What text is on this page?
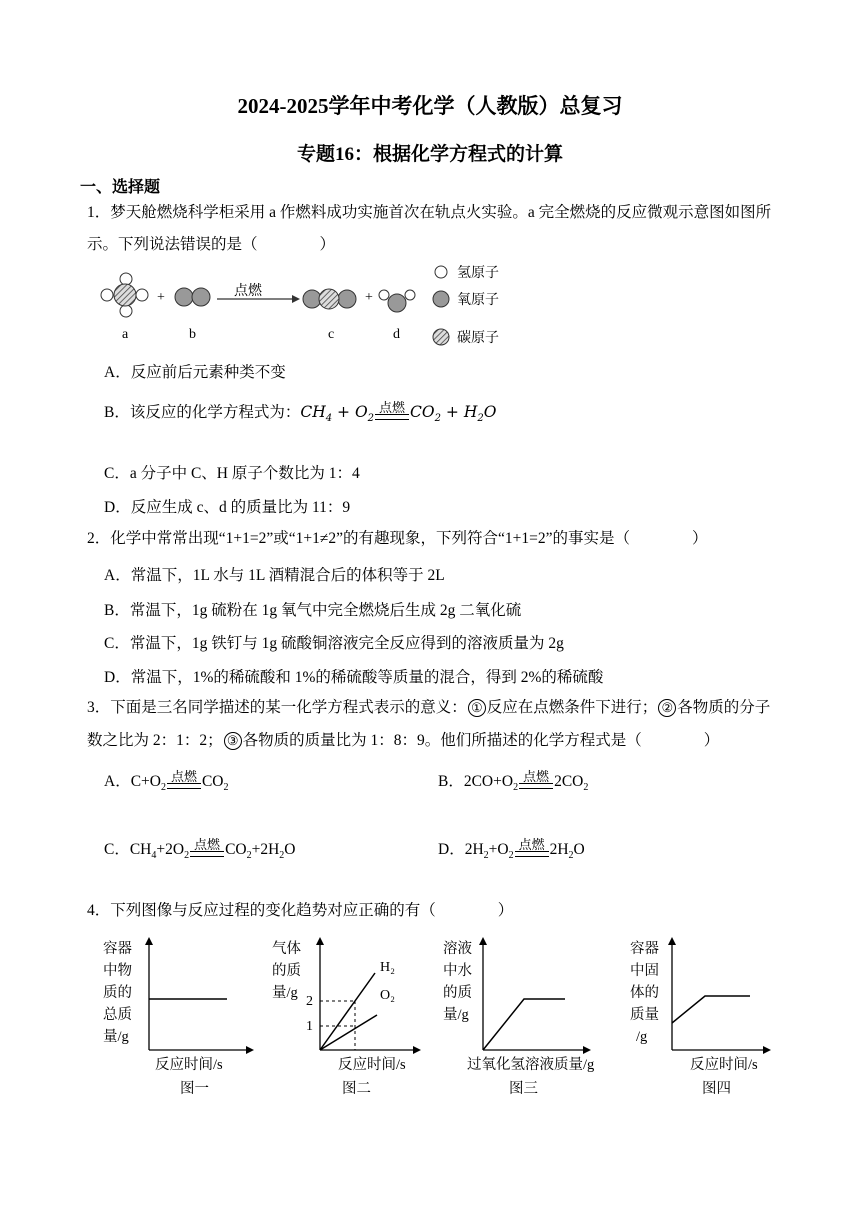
2024-2025学年中考化学（人教版）总复习
专题16：根据化学方程式的计算
一、选择题
1．梦天舱燃烧科学柜采用 a 作燃料成功实施首次在轨点火实验。a 完全燃烧的反应微观示意图如图所
示。下列说法错误的是（　　　　）
a
+
b
点燃
c
+
d
氢原子
氧原子
碳原子
A．反应前后元素种类不变
B．该反应的化学方程式为：$CH_4 + O_2$
点燃 $CO_2 + H_2O$
C．a 分子中 C、H 原子个数比为 1：4
D．反应生成 c、d 的质量比为 11：9
2．化学中常常出现“1+1=2”或“1+1≠2”的有趣现象，下列符合“1+1=2”的事实是（　　　　）
A．常温下，1L 水与 1L 酒精混合后的体积等于 2L
B．常温下，1g 硫粉在 1g 氧气中完全燃烧后生成 2g 二氧化硫
C．常温下，1g 铁钉与 1g 硫酸铜溶液完全反应得到的溶液质量为 2g
D．常温下，1%的稀硫酸和 1%的稀硫酸等质量的混合，得到 2%的稀硫酸
3．下面是三名同学描述的某一化学方程式表示的意义： ① 反应在点燃条件下进行； ② 各物质的分子
数之比为 2：1：2； ③ 各物质的质量比为 1：8：9。他们所描述的化学方程式是（　　　　）
A．$C+O_2$
点燃 $CO_2$	B．$2CO+O_2$
点燃 $2CO_2$
C．$CH_4+2O_2$
点燃 $CO_2+2H_2O$	D．$2H_2+O_2$
点燃 $2H_2O$
4．下列图像与反应过程的变化趋势对应正确的有（　　　　）
容器
中物
质的
总质
量/g
反应时间/s
图一
气体
的质
量/g
2
1
H₂
O₂
反应时间/s
图二
溶液
中水
的质
量/g
过氧化氢溶液质量/g
图三
容器
中固
体的
质量
/g
反应时间/s
图四
